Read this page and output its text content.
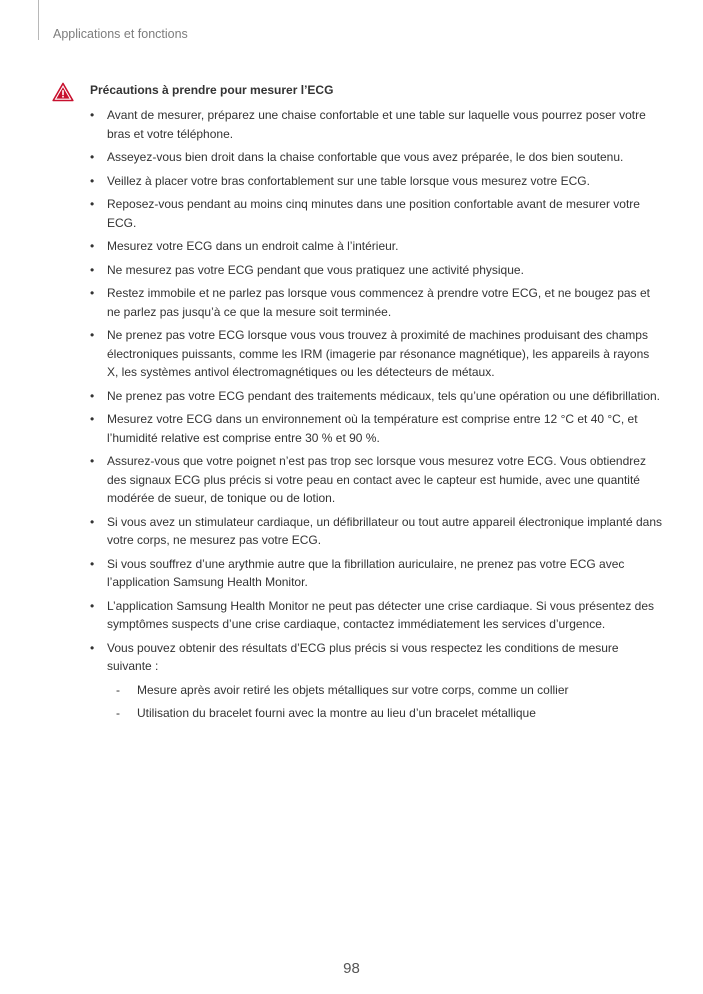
Applications et fonctions
Précautions à prendre pour mesurer l’ECG
• Avant de mesurer, préparez une chaise confortable et une table sur laquelle vous pourrez poser votre bras et votre téléphone.
• Asseyez-vous bien droit dans la chaise confortable que vous avez préparée, le dos bien soutenu.
• Veillez à placer votre bras confortablement sur une table lorsque vous mesurez votre ECG.
• Reposez-vous pendant au moins cinq minutes dans une position confortable avant de mesurer votre ECG.
• Mesurez votre ECG dans un endroit calme à l’intérieur.
• Ne mesurez pas votre ECG pendant que vous pratiquez une activité physique.
• Restez immobile et ne parlez pas lorsque vous commencez à prendre votre ECG, et ne bougez pas et ne parlez pas jusqu’à ce que la mesure soit terminée.
• Ne prenez pas votre ECG lorsque vous vous trouvez à proximité de machines produisant des champs électroniques puissants, comme les IRM (imagerie par résonance magnétique), les appareils à rayons X, les systèmes antivol électromagnétiques ou les détecteurs de métaux.
• Ne prenez pas votre ECG pendant des traitements médicaux, tels qu’une opération ou une défibrillation.
• Mesurez votre ECG dans un environnement où la température est comprise entre 12 °C et 40 °C, et l’humidité relative est comprise entre 30 % et 90 %.
• Assurez-vous que votre poignet n’est pas trop sec lorsque vous mesurez votre ECG. Vous obtiendrez des signaux ECG plus précis si votre peau en contact avec le capteur est humide, avec une quantité modérée de sueur, de tonique ou de lotion.
• Si vous avez un stimulateur cardiaque, un défibrillateur ou tout autre appareil électronique implanté dans votre corps, ne mesurez pas votre ECG.
• Si vous souffrez d’une arythmie autre que la fibrillation auriculaire, ne prenez pas votre ECG avec l’application Samsung Health Monitor.
• L’application Samsung Health Monitor ne peut pas détecter une crise cardiaque. Si vous présentez des symptômes suspects d’une crise cardiaque, contactez immédiatement les services d’urgence.
• Vous pouvez obtenir des résultats d’ECG plus précis si vous respectez les conditions de mesure suivante :
- Mesure après avoir retiré les objets métalliques sur votre corps, comme un collier
- Utilisation du bracelet fourni avec la montre au lieu d’un bracelet métallique
98
